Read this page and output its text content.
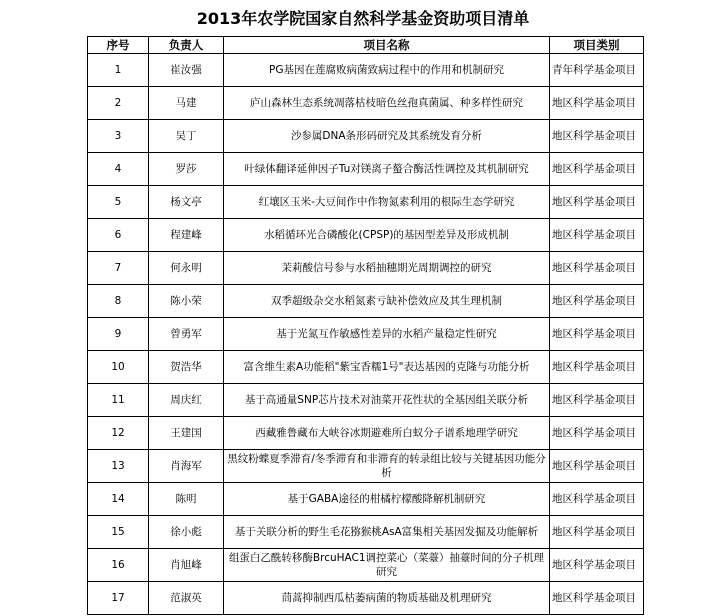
2013年农学院国家自然科学基金资助项目清单
序号	负责人	项目名称	项目类别
1	崔汝强	PG基因在莲腐败病菌致病过程中的作用和机制研究	青年科学基金项目
2	马建	庐山森林生态系统凋落枯枝暗色丝孢真菌属、种多样性研究	地区科学基金项目
3	吴丁	沙参属DNA条形码研究及其系统发育分析	地区科学基金项目
4	罗莎	叶绿体翻译延伸因子Tu对镁离子螯合酶活性调控及其机制研究	地区科学基金项目
5	杨文亭	红壤区玉米-大豆间作中作物氮素利用的根际生态学研究	地区科学基金项目
6	程建峰	水稻循环光合磷酸化(CPSP)的基因型差异及形成机制	地区科学基金项目
7	何永明	茉莉酸信号参与水稻抽穗期光周期调控的研究	地区科学基金项目
8	陈小荣	双季超级杂交水稻氮素亏缺补偿效应及其生理机制	地区科学基金项目
9	曾勇军	基于光氮互作敏感性差异的水稻产量稳定性研究	地区科学基金项目
10	贺浩华	富含维生素A功能稻"紫宝香糯1号"表达基因的克隆与功能分析	地区科学基金项目
11	周庆红	基于高通量SNP芯片技术对油菜开花性状的全基因组关联分析	地区科学基金项目
12	王建国	西藏雅鲁藏布大峡谷冰期避难所白蚁分子谱系地理学研究	地区科学基金项目
13	肖海军	黑纹粉蝶夏季滞育/冬季滞育和非滞育的转录组比较与关键基因功能分析	地区科学基金项目
14	陈明	基于GABA途径的柑橘柠檬酸降解机制研究	地区科学基金项目
15	徐小彪	基于关联分析的野生毛花猕猴桃AsA富集相关基因发掘及功能解析	地区科学基金项目
16	肖旭峰	组蛋白乙酰转移酶BrcuHAC1调控菜心（菜薹）抽薹时间的分子机理研究	地区科学基金项目
17	范淑英	茼蒿抑制西瓜枯萎病菌的物质基础及机理研究	地区科学基金项目
